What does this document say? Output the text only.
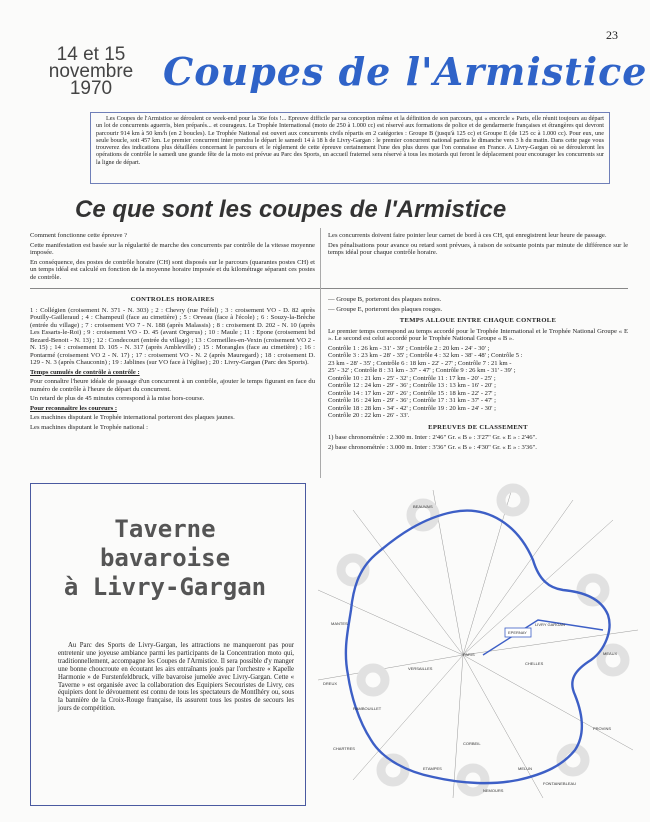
23
14 et 15
novembre
1970	Coupes de l'Armistice

Les Coupes de l'Armistice se déroulent ce week-end pour la 36e fois !... Epreuve difficile par sa conception même et la définition de son parcours, qui « encercle » Paris, elle réunit toujours au départ un lot de concurrents aguerris, bien préparés... et courageux. Le Trophée International (moto de 250 à 1.000 cc) est réservé aux formations de police et de gendarmerie françaises et étrangères qui devront parcourir 914 km à 50 km/h (en 2 boucles). Le Trophée National est ouvert aux concurrents civils répartis en 2 catégories : Groupe B (jusqu'à 125 cc) et Groupe E (de 125 cc à 1.000 cc). Pour eux, une seule boucle, soit 457 km. Le premier concurrent inter prendra le départ le samedi 14 à 18 h de Livry-Gargan : le premier concurrent national partira le dimanche vers 3 h du matin. Dans cette page vous trouverez des indications plus détaillées concernant le parcours et le règlement de cette épreuve certainement l'une des plus dures que l'on connaisse en France. A Livry-Gargan où se dérouleront les opérations de contrôle le samedi une grande fête de la moto est prévue au Parc des Sports, un accueil fraternel sera réservé à tous les motards qui feront le déplacement pour encourager les concurrents sur la ligne de départ.

Ce que sont les coupes de l'Armistice

Comment fonctionne cette épreuve ?

Cette manifestation est basée sur la régularité de marche des concurrents par contrôle de la vitesse moyenne imposée.

En conséquence, des postes de contrôle horaire (CH) sont disposés sur le parcours (quarantes postes CH) et un temps idéal est calculé en fonction de la moyenne horaire imposée et du kilométrage séparant ces postes de contrôle.

Les concurrents doivent faire pointer leur carnet de bord à ces CH, qui enregistrent leur heure de passage.

Des pénalisations pour avance ou retard sont prévues, à raison de soixante points par minute de différence sur le temps idéal pour chaque contrôle horaire.

CONTROLES HORAIRES

1 : Collégien (croisement N. 371 - N. 303) ; 2 : Chevry (rue Fréfel) ; 3 : croisement VO - D. 82 après Pouilly-Gailleraud ; 4 : Champeuil (face au cimetière) ; 5 : Orveau (face à l'école) ; 6 : Souzy-la-Brèche (entrée du village) ; 7 : croisement VO 7 - N. 188 (après Malassis) ; 8 : croisement D. 202 - N. 10 (après Les Essarts-le-Roi) ; 9 : croisement VO - D. 45 (avant Orgerus) ; 10 : Maule ; 11 : Epone (croisement bd Bezard-Benoit - N. 13) ; 12 : Condecourt (entrée du village) ; 13 : Cormeilles-en-Vexin (croisement VO 2 - N. 15) ; 14 : croisement D. 105 - N. 317 (après Ambleville) ; 15 : Morangles (face au cimetière) ; 16 : Pontarmé (croisement VO 2 - N. 17) ; 17 : croisement VO - N. 2 (après Mauregard) ; 18 : croisement D. 129 - N. 3 (après Chauconin) ; 19 : Jablines (sur VO face à l'église) ; 20 : Livry-Gargan (Parc des Sports).

Temps cumulés de contrôle à contrôle :

Pour connaître l'heure idéale de passage d'un concurrent à un contrôle, ajouter le temps figurant en face du numéro de contrôle à l'heure de départ du concurrent.

Un retard de plus de 45 minutes correspond à la mise hors-course.

Pour reconnaître les coureurs :

Les machines disputant le Trophée international porteront des plaques jaunes.

Les machines disputant le Trophée national :

— Groupe B, porteront des plaques noires.

— Groupe E, porteront des plaques rouges.

TEMPS ALLOUE ENTRE CHAQUE CONTROLE

Le premier temps correspond au temps accordé pour le Trophée International et le Trophée National Groupe « E ». Le second est celui accordé pour le Trophée National Groupe « B ».

Contrôle 1 : 26 km - 31' - 39' ; Contrôle 2 : 20 km - 24' - 30' ;
Contrôle 3 : 23 km - 28' - 35' ; Contrôle 4 : 32 km - 38' - 48' ; Contrôle 5 :
23 km - 28' - 35' ; Contrôle 6 : 18 km - 22' - 27' ; Contrôle 7 : 21 km -
25' - 32' ; Contrôle 8 : 31 km - 37' - 47' ; Contrôle 9 : 26 km - 31' - 39' ;
Contrôle 10 : 21 km - 25' - 32' ; Contrôle 11 : 17 km - 20' - 25' ;
Contrôle 12 : 24 km - 29' - 36' ; Contrôle 13 : 13 km - 16' - 20' ;
Contrôle 14 : 17 km - 20' - 26' ; Contrôle 15 : 18 km - 22' - 27' ;
Contrôle 16 : 24 km - 29' - 36' ; Contrôle 17 : 31 km - 37' - 47' ;
Contrôle 18 : 28 km - 34' - 42' ; Contrôle 19 : 20 km - 24' - 30' ;
Contrôle 20 : 22 km - 26' - 33'.
EPREUVES DE CLASSEMENT

1) base chronométrée : 2.300 m. Inter : 2'46" Gr. « B » : 3'27" Gr. « E » : 2'46".

2) base chronométrée : 3.000 m. Inter : 3'36" Gr. « B » : 4'30" Gr. « E » : 3'36".

Taverne
bavaroise
à Livry-Gargan

Au Parc des Sports de Livry-Gargan, les attractions ne manqueront pas pour entretenir une joyeuse ambiance parmi les participants de la Concentration moto qui, traditionnellement, accompagne les Coupes de l'Armistice. Il sera possible d'y manger une bonne choucroute en écoutant les airs entraînants joués par l'orchestre « Kapelle Harmonie » de Furstenfeldbruck, ville bavaroise jumelée avec Livry-Gargan. Cette « Taverne » est organisée avec la collaboration des Equipiers Secouristes de Livry, ces équipiers dont le dévouement est connu de tous les spectateurs de Montlhéry ou, sous la bannière de la Croix-Rouge française, ils assurent tous les postes de secours les jours de compétition.

PARIS
LIVRY GARGAN
EPERNAY
CHELLES
BEAUVAIS
MANTES
VERSAILLES
MEAUX
CORBEIL
RAMBOUILLET
ETAMPES	MELUN
PROVINS
DREUX
CHARTRES
NEMOURS
FONTAINEBLEAU
